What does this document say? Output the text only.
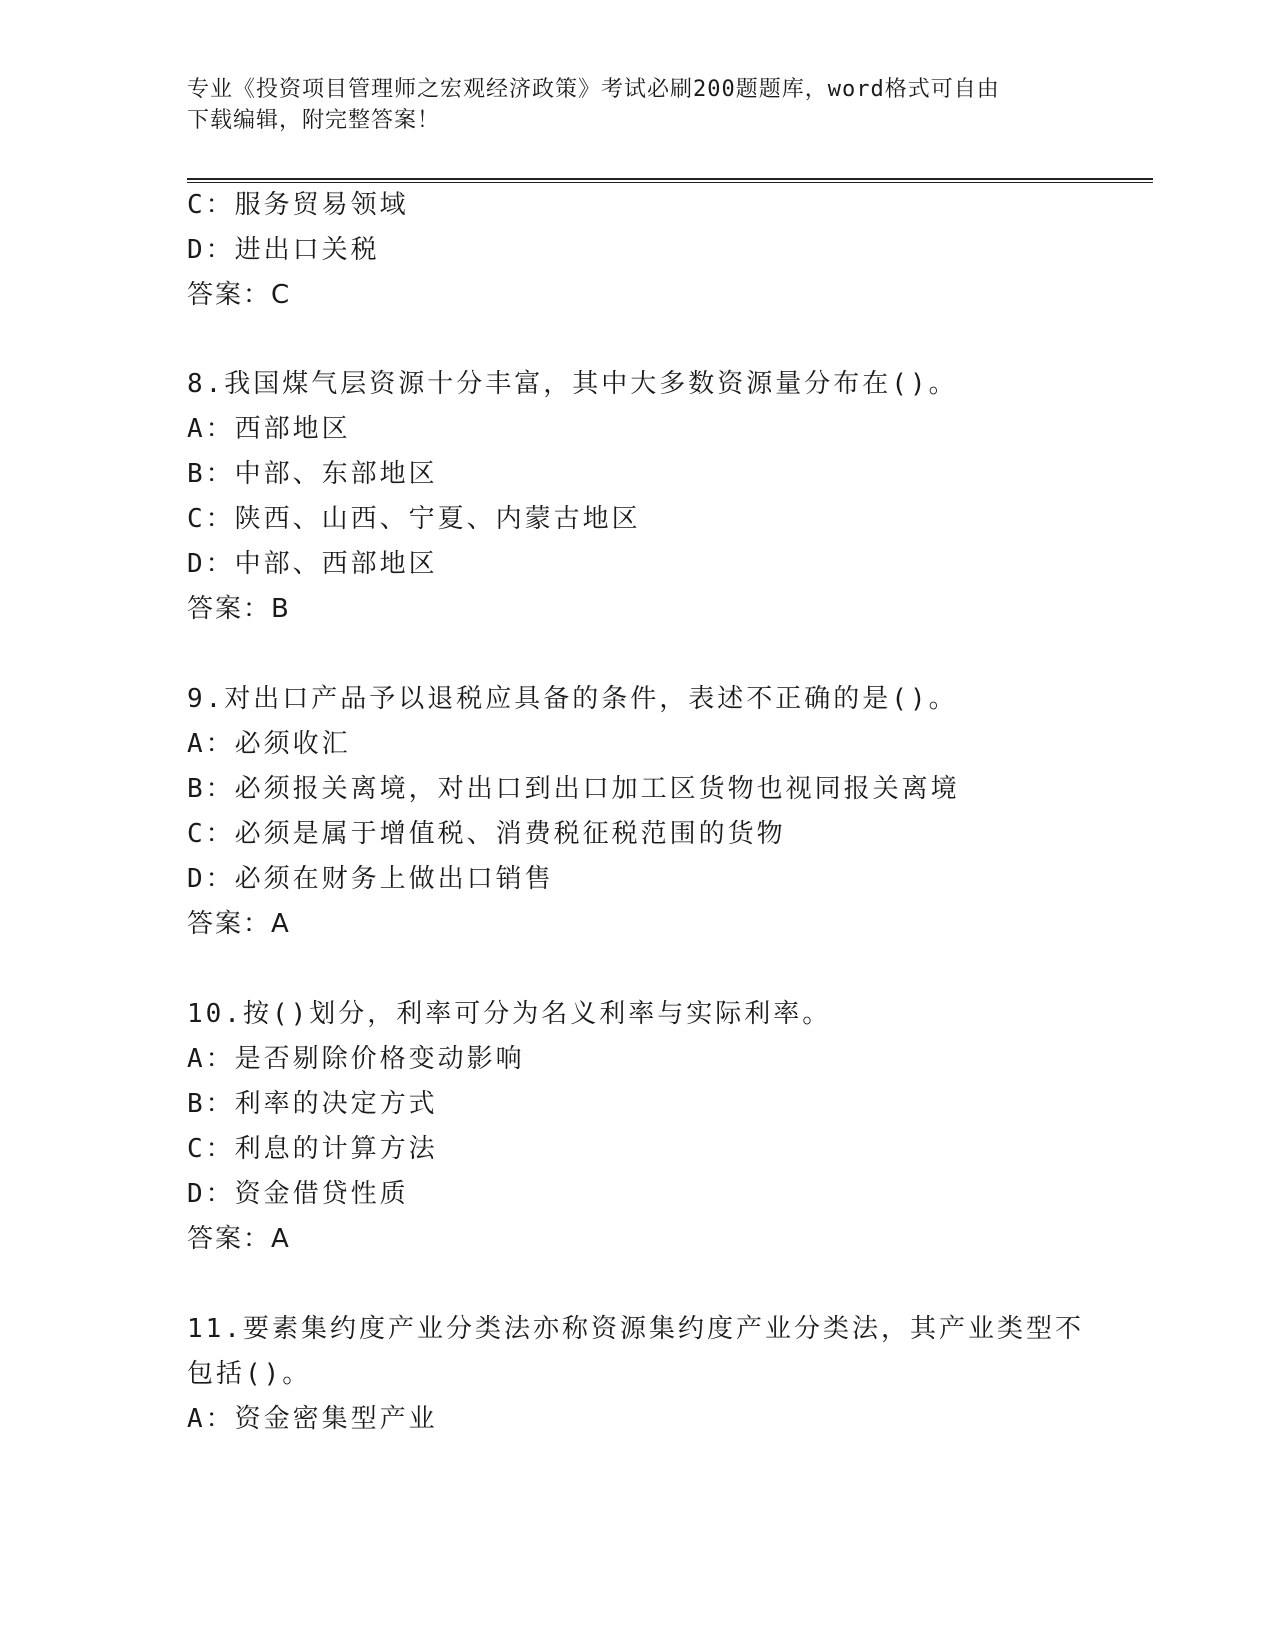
专业《投资项目管理师之宏观经济政策》考试必刷200题题库，word格式可自由
下载编辑，附完整答案！
C：服务贸易领域
D：进出口关税
答案：C
8.我国煤气层资源十分丰富，其中大多数资源量分布在()。
A：西部地区
B：中部、东部地区
C：陕西、山西、宁夏、内蒙古地区
D：中部、西部地区
答案：B
9.对出口产品予以退税应具备的条件，表述不正确的是()。
A：必须收汇
B：必须报关离境，对出口到出口加工区货物也视同报关离境
C：必须是属于增值税、消费税征税范围的货物
D：必须在财务上做出口销售
答案：A
10.按()划分，利率可分为名义利率与实际利率。
A：是否剔除价格变动影响
B：利率的决定方式
C：利息的计算方法
D：资金借贷性质
答案：A
11.要素集约度产业分类法亦称资源集约度产业分类法，其产业类型不
包括()。
A：资金密集型产业
